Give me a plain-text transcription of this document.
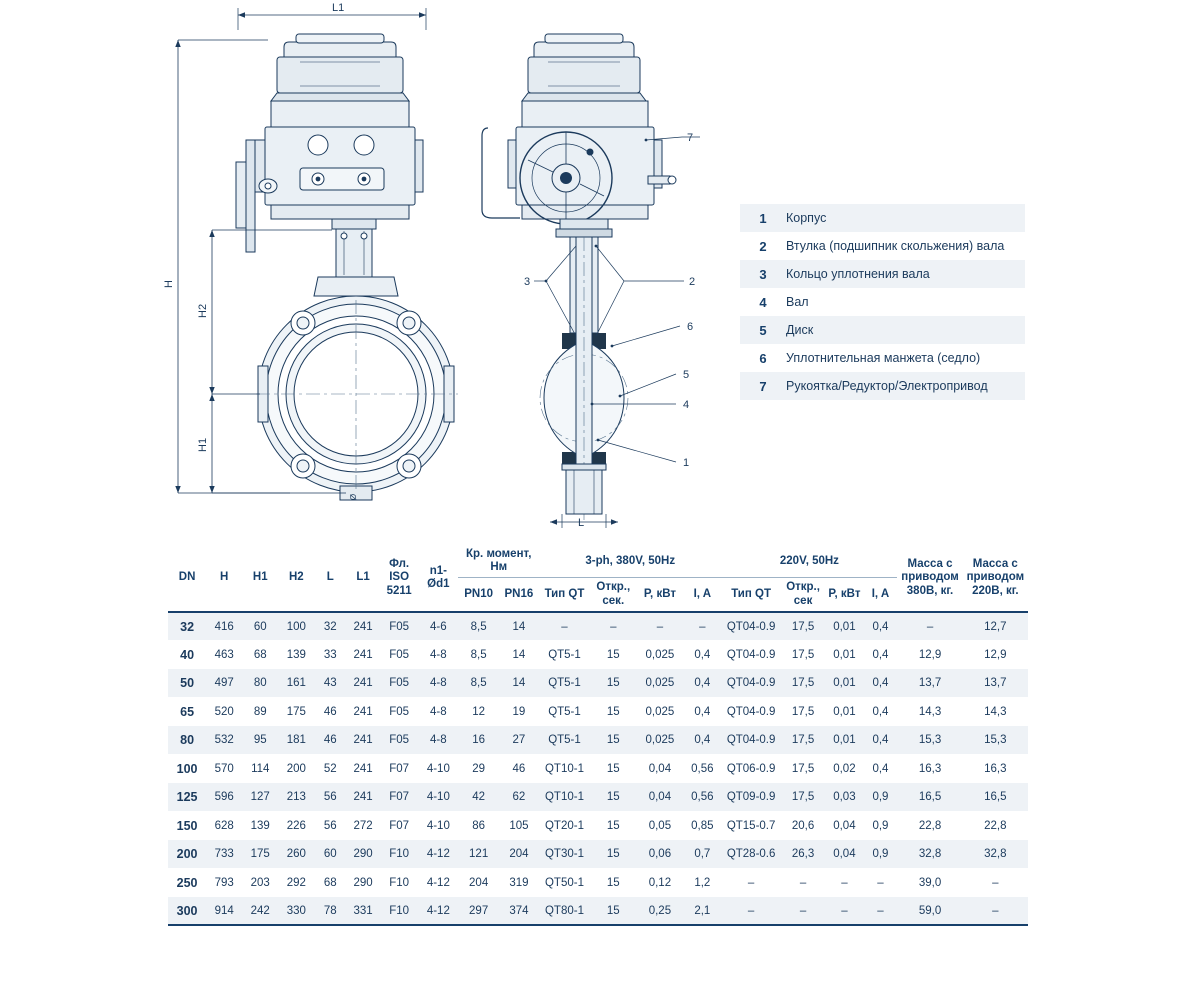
Ø
L1
H
H2
H1
L
7
3	2
6
5
4
1
1	Корпус
2	Втулка (подшипник скольжения) вала
3	Кольцо уплотнения вала
4	Вал
5	Диск
6	Уплотнительная манжета (седло)
7	Рукоятка/Редуктор/Электропривод
DN	H	H1	H2	L	L1	Фл. ISO 5211	n1-Ød1	Кр. момент, Нм		3-ph, 380V, 50Hz				220V, 50Hz				Масса с приводом 380В, кг.	Масса с приводом 220В, кг.
								PN10	PN16	Тип QT	Откр., сек.	P, кВт	I, A	Тип QT	Откр., сек	P, кВт	I, A		
32	416	60	100	32	241	F05	4-6	8,5	14	–	–	–	–	QT04-0.9	17,5	0,01	0,4	–	12,7
40	463	68	139	33	241	F05	4-8	8,5	14	QT5-1	15	0,025	0,4	QT04-0.9	17,5	0,01	0,4	12,9	12,9
50	497	80	161	43	241	F05	4-8	8,5	14	QT5-1	15	0,025	0,4	QT04-0.9	17,5	0,01	0,4	13,7	13,7
65	520	89	175	46	241	F05	4-8	12	19	QT5-1	15	0,025	0,4	QT04-0.9	17,5	0,01	0,4	14,3	14,3
80	532	95	181	46	241	F05	4-8	16	27	QT5-1	15	0,025	0,4	QT04-0.9	17,5	0,01	0,4	15,3	15,3
100	570	114	200	52	241	F07	4-10	29	46	QT10-1	15	0,04	0,56	QT06-0.9	17,5	0,02	0,4	16,3	16,3
125	596	127	213	56	241	F07	4-10	42	62	QT10-1	15	0,04	0,56	QT09-0.9	17,5	0,03	0,9	16,5	16,5
150	628	139	226	56	272	F07	4-10	86	105	QT20-1	15	0,05	0,85	QT15-0.7	20,6	0,04	0,9	22,8	22,8
200	733	175	260	60	290	F10	4-12	121	204	QT30-1	15	0,06	0,7	QT28-0.6	26,3	0,04	0,9	32,8	32,8
250	793	203	292	68	290	F10	4-12	204	319	QT50-1	15	0,12	1,2	–	–	–	–	39,0	–
300	914	242	330	78	331	F10	4-12	297	374	QT80-1	15	0,25	2,1	–	–	–	–	59,0	–
